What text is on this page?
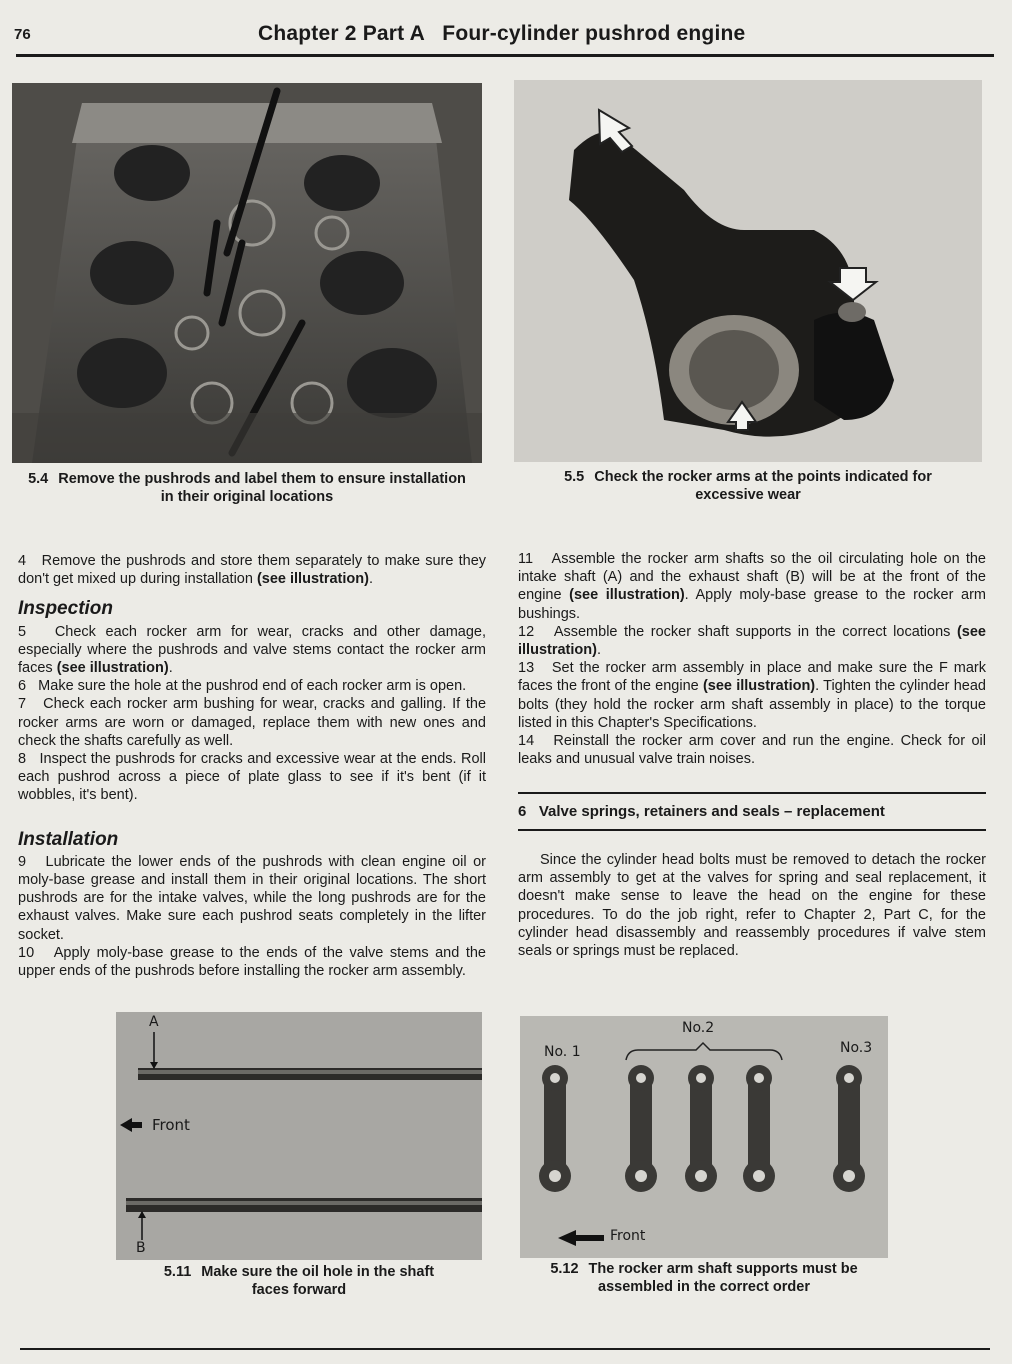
76	Chapter 2 Part A   Four-cylinder pushrod engine
5.4 Remove the pushrods and label them to ensure installation
in their original locations
5.5 Check the rocker arms at the points indicated for
excessive wear

4 Remove the pushrods and store them separately to make sure they don't get mixed up during installation (see illustration).

Inspection

5 Check each rocker arm for wear, cracks and other damage, especially where the pushrods and valve stems contact the rocker arm faces (see illustration).

6 Make sure the hole at the pushrod end of each rocker arm is open.

7 Check each rocker arm bushing for wear, cracks and galling. If the rocker arms are worn or damaged, replace them with new ones and check the shafts carefully as well.

8 Inspect the pushrods for cracks and excessive wear at the ends. Roll each pushrod across a piece of plate glass to see if it's bent (if it wobbles, it's bent).

Installation

9 Lubricate the lower ends of the pushrods with clean engine oil or moly-base grease and install them in their original locations. The short pushrods are for the intake valves, while the long pushrods are for the exhaust valves. Make sure each pushrod seats completely in the lifter socket.

10 Apply moly-base grease to the ends of the valve stems and the upper ends of the pushrods before installing the rocker arm assembly.

11 Assemble the rocker arm shafts so the oil circulating hole on the intake shaft (A) and the exhaust shaft (B) will be at the front of the engine (see illustration). Apply moly-base grease to the rocker arm bushings.

12 Assemble the rocker shaft supports in the correct locations (see illustration).

13 Set the rocker arm assembly in place and make sure the F mark faces the front of the engine (see illustration). Tighten the cylinder head bolts (they hold the rocker arm shaft assembly in place) to the torque listed in this Chapter's Specifications.

14 Reinstall the rocker arm cover and run the engine. Check for oil leaks and unusual valve train noises.

6   Valve springs, retainers and seals – replacement

Since the cylinder head bolts must be removed to detach the rocker arm assembly to get at the valves for spring and seal replacement, it doesn't make sense to leave the head on the engine for these procedures. To do the job right, refer to Chapter 2, Part C, for the cylinder head disassembly and reassembly procedures if valve stem seals or springs must be replaced.

A
B
Front
5.11 Make sure the oil hole in the shaft
faces forward
No. 1
No.2
No.3
Front
5.12 The rocker arm shaft supports must be
assembled in the correct order
